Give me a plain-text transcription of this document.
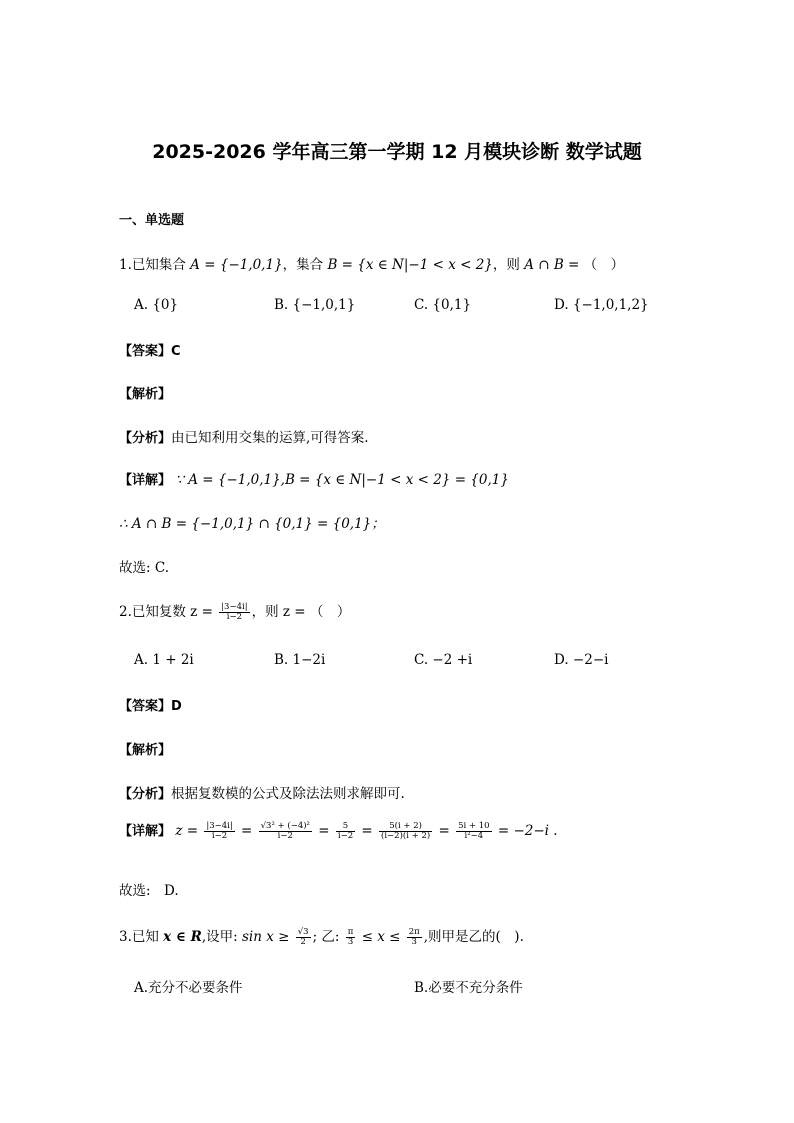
2025-2026 学年高三第一学期 12 月模块诊断 数学试题
一、单选题
1.已知集合 A = {−1,0,1}，集合 B = {x ∈ N|−1 < x < 2}，则 A ∩ B = （　）
A. {0}	B. {−1,0,1}	C. {0,1}	D. {−1,0,1,2}
【答案】C
【解析】
【分析】由已知利用交集的运算,可得答案.
【详解】 ∵ A = {−1,0,1},B = {x ∈ N|−1 < x < 2} = {0,1}
∴ A ∩ B = {−1,0,1} ∩ {0,1} = {0,1}；
故选: C.
2.已知复数 $z = \frac{|3-4i|}{i-2}$ ，则 z = （　）
A. 1 + 2i	B. 1−2i	C. −2 +i	D. −2−i
【答案】D
【解析】
【分析】根据复数模的公式及除法法则求解即可.
【详解】 $z = \frac{|3-4i|}{i-2} = \frac{\text{√3² + (−4)²}}{i-2} = \frac{5}{i-2} = \frac{5(i + 2)}{(i-2)(i + 2)} = \frac{5i + 10}{\text{i²−4}} = -2-i$ .
故选:　D.
3.已知 x ∈ R,设甲: $\sin x \ge \frac{√3}{2}$ ; 乙: $\frac{\pi}{3} \le x \le \frac{2\pi}{3}$ ,则甲是乙的(　).
A.充分不必要条件	B.必要不充分条件
